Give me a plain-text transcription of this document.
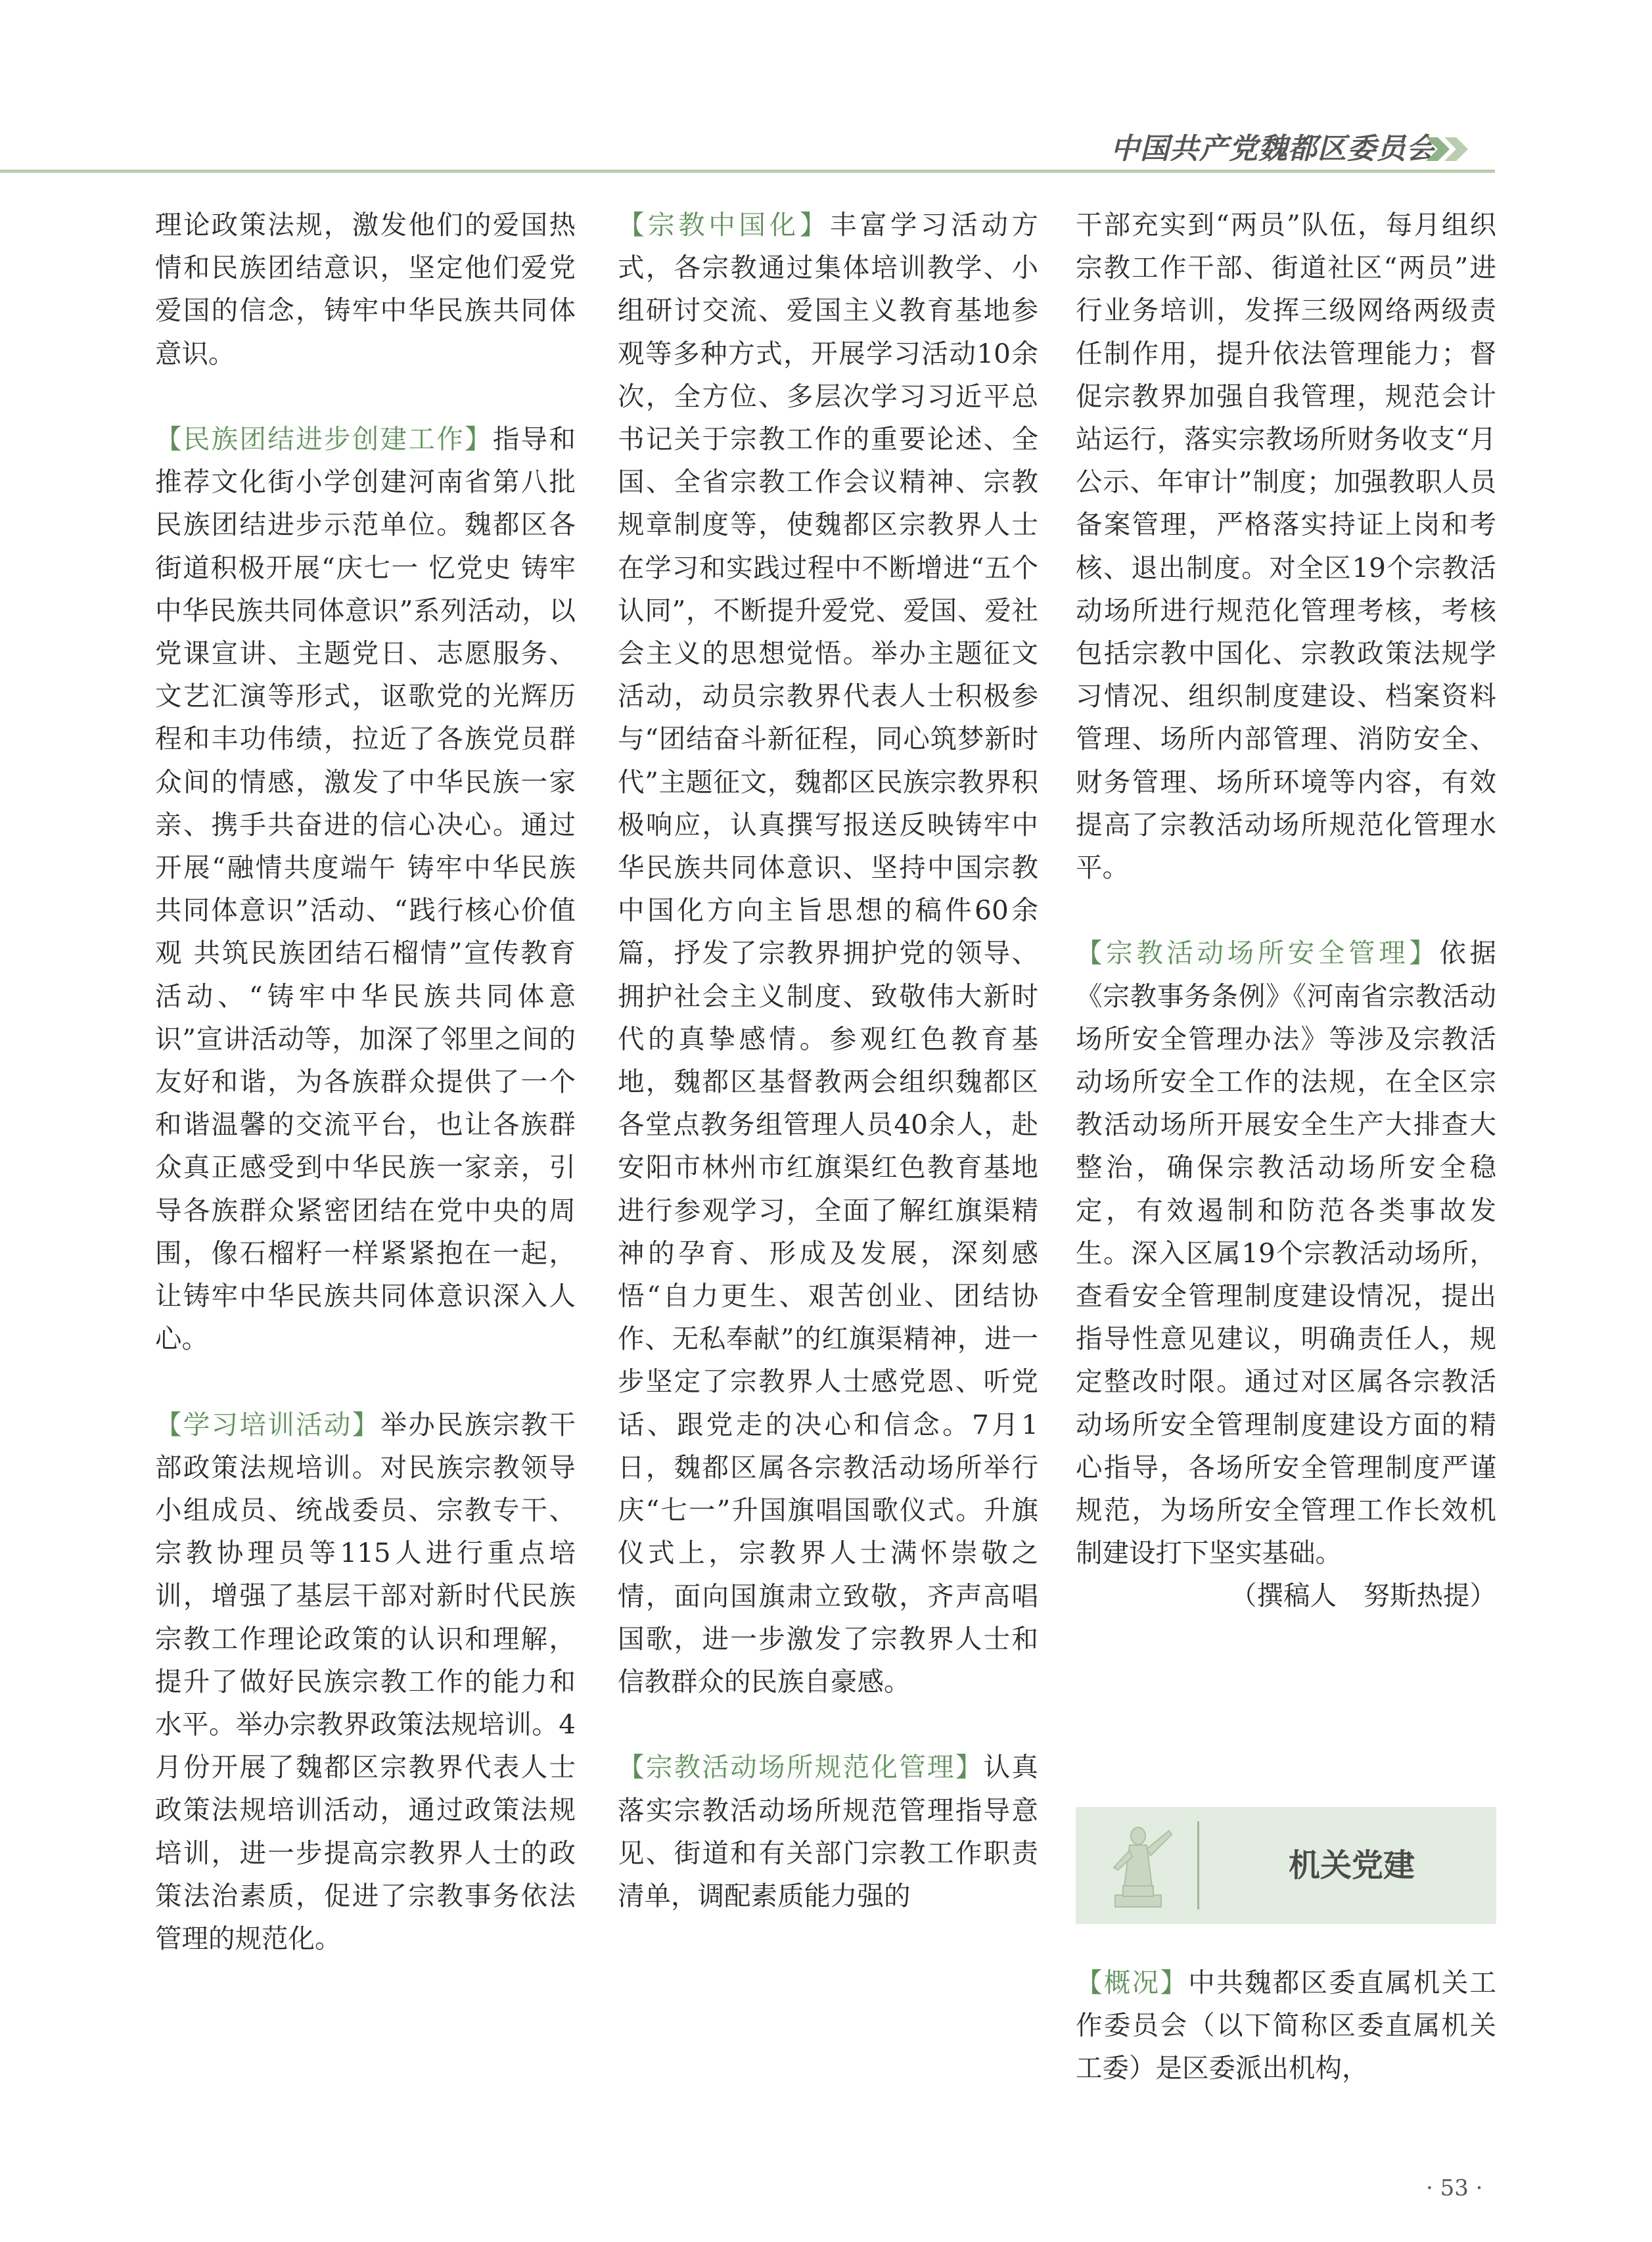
中国共产党魏都区委员会

理论政策法规，激发他们的爱国热情和民族团结意识，坚定他们爱党爱国的信念，铸牢中华民族共同体意识。

【民族团结进步创建工作】指导和推荐文化街小学创建河南省第八批民族团结进步示范单位。魏都区各街道积极开展“庆七一 忆党史 铸牢中华民族共同体意识”系列活动，以党课宣讲、主题党日、志愿服务、文艺汇演等形式，讴歌党的光辉历程和丰功伟绩，拉近了各族党员群众间的情感，激发了中华民族一家亲、携手共奋进的信心决心。通过开展“融情共度端午 铸牢中华民族共同体意识”活动、“践行核心价值观 共筑民族团结石榴情”宣传教育活动、“铸牢中华民族共同体意识”宣讲活动等，加深了邻里之间的友好和谐，为各族群众提供了一个和谐温馨的交流平台，也让各族群众真正感受到中华民族一家亲，引导各族群众紧密团结在党中央的周围，像石榴籽一样紧紧抱在一起，让铸牢中华民族共同体意识深入人心。

【学习培训活动】举办民族宗教干部政策法规培训。对民族宗教领导小组成员、统战委员、宗教专干、宗教协理员等115人进行重点培训，增强了基层干部对新时代民族宗教工作理论政策的认识和理解，提升了做好民族宗教工作的能力和水平。举办宗教界政策法规培训。4月份开展了魏都区宗教界代表人士政策法规培训活动，通过政策法规培训，进一步提高宗教界人士的政策法治素质，促进了宗教事务依法管理的规范化。

【宗教中国化】丰富学习活动方式，各宗教通过集体培训教学、小组研讨交流、爱国主义教育基地参观等多种方式，开展学习活动10余次，全方位、多层次学习习近平总书记关于宗教工作的重要论述、全国、全省宗教工作会议精神、宗教规章制度等，使魏都区宗教界人士在学习和实践过程中不断增进“五个认同”，不断提升爱党、爱国、爱社会主义的思想觉悟。举办主题征文活动，动员宗教界代表人士积极参与“团结奋斗新征程，同心筑梦新时代”主题征文，魏都区民族宗教界积极响应，认真撰写报送反映铸牢中华民族共同体意识、坚持中国宗教中国化方向主旨思想的稿件60余篇，抒发了宗教界拥护党的领导、拥护社会主义制度、致敬伟大新时代的真挚感情。参观红色教育基地，魏都区基督教两会组织魏都区各堂点教务组管理人员40余人，赴安阳市林州市红旗渠红色教育基地进行参观学习，全面了解红旗渠精神的孕育、形成及发展，深刻感悟“自力更生、艰苦创业、团结协作、无私奉献”的红旗渠精神，进一步坚定了宗教界人士感党恩、听党话、跟党走的决心和信念。7月1日，魏都区属各宗教活动场所举行庆“七一”升国旗唱国歌仪式。升旗仪式上，宗教界人士满怀崇敬之情，面向国旗肃立致敬，齐声高唱国歌，进一步激发了宗教界人士和信教群众的民族自豪感。

【宗教活动场所规范化管理】认真落实宗教活动场所规范管理指导意见、街道和有关部门宗教工作职责清单，调配素质能力强的

干部充实到“两员”队伍，每月组织宗教工作干部、街道社区“两员”进行业务培训，发挥三级网络两级责任制作用，提升依法管理能力；督促宗教界加强自我管理，规范会计站运行，落实宗教场所财务收支“月公示、年审计”制度；加强教职人员备案管理，严格落实持证上岗和考核、退出制度。对全区19个宗教活动场所进行规范化管理考核，考核包括宗教中国化、宗教政策法规学习情况、组织制度建设、档案资料管理、场所内部管理、消防安全、财务管理、场所环境等内容，有效提高了宗教活动场所规范化管理水平。

【宗教活动场所安全管理】依据《宗教事务条例》《河南省宗教活动场所安全管理办法》等涉及宗教活动场所安全工作的法规，在全区宗教活动场所开展安全生产大排查大整治，确保宗教活动场所安全稳定，有效遏制和防范各类事故发生。深入区属19个宗教活动场所，查看安全管理制度建设情况，提出指导性意见建议，明确责任人，规定整改时限。通过对区属各宗教活动场所安全管理制度建设方面的精心指导，各场所安全管理制度严谨规范，为场所安全管理工作长效机制建设打下坚实基础。

（撰稿人　努斯热提）

机关党建

【概况】中共魏都区委直属机关工作委员会（以下简称区委直属机关工委）是区委派出机构，

· 53 ·
